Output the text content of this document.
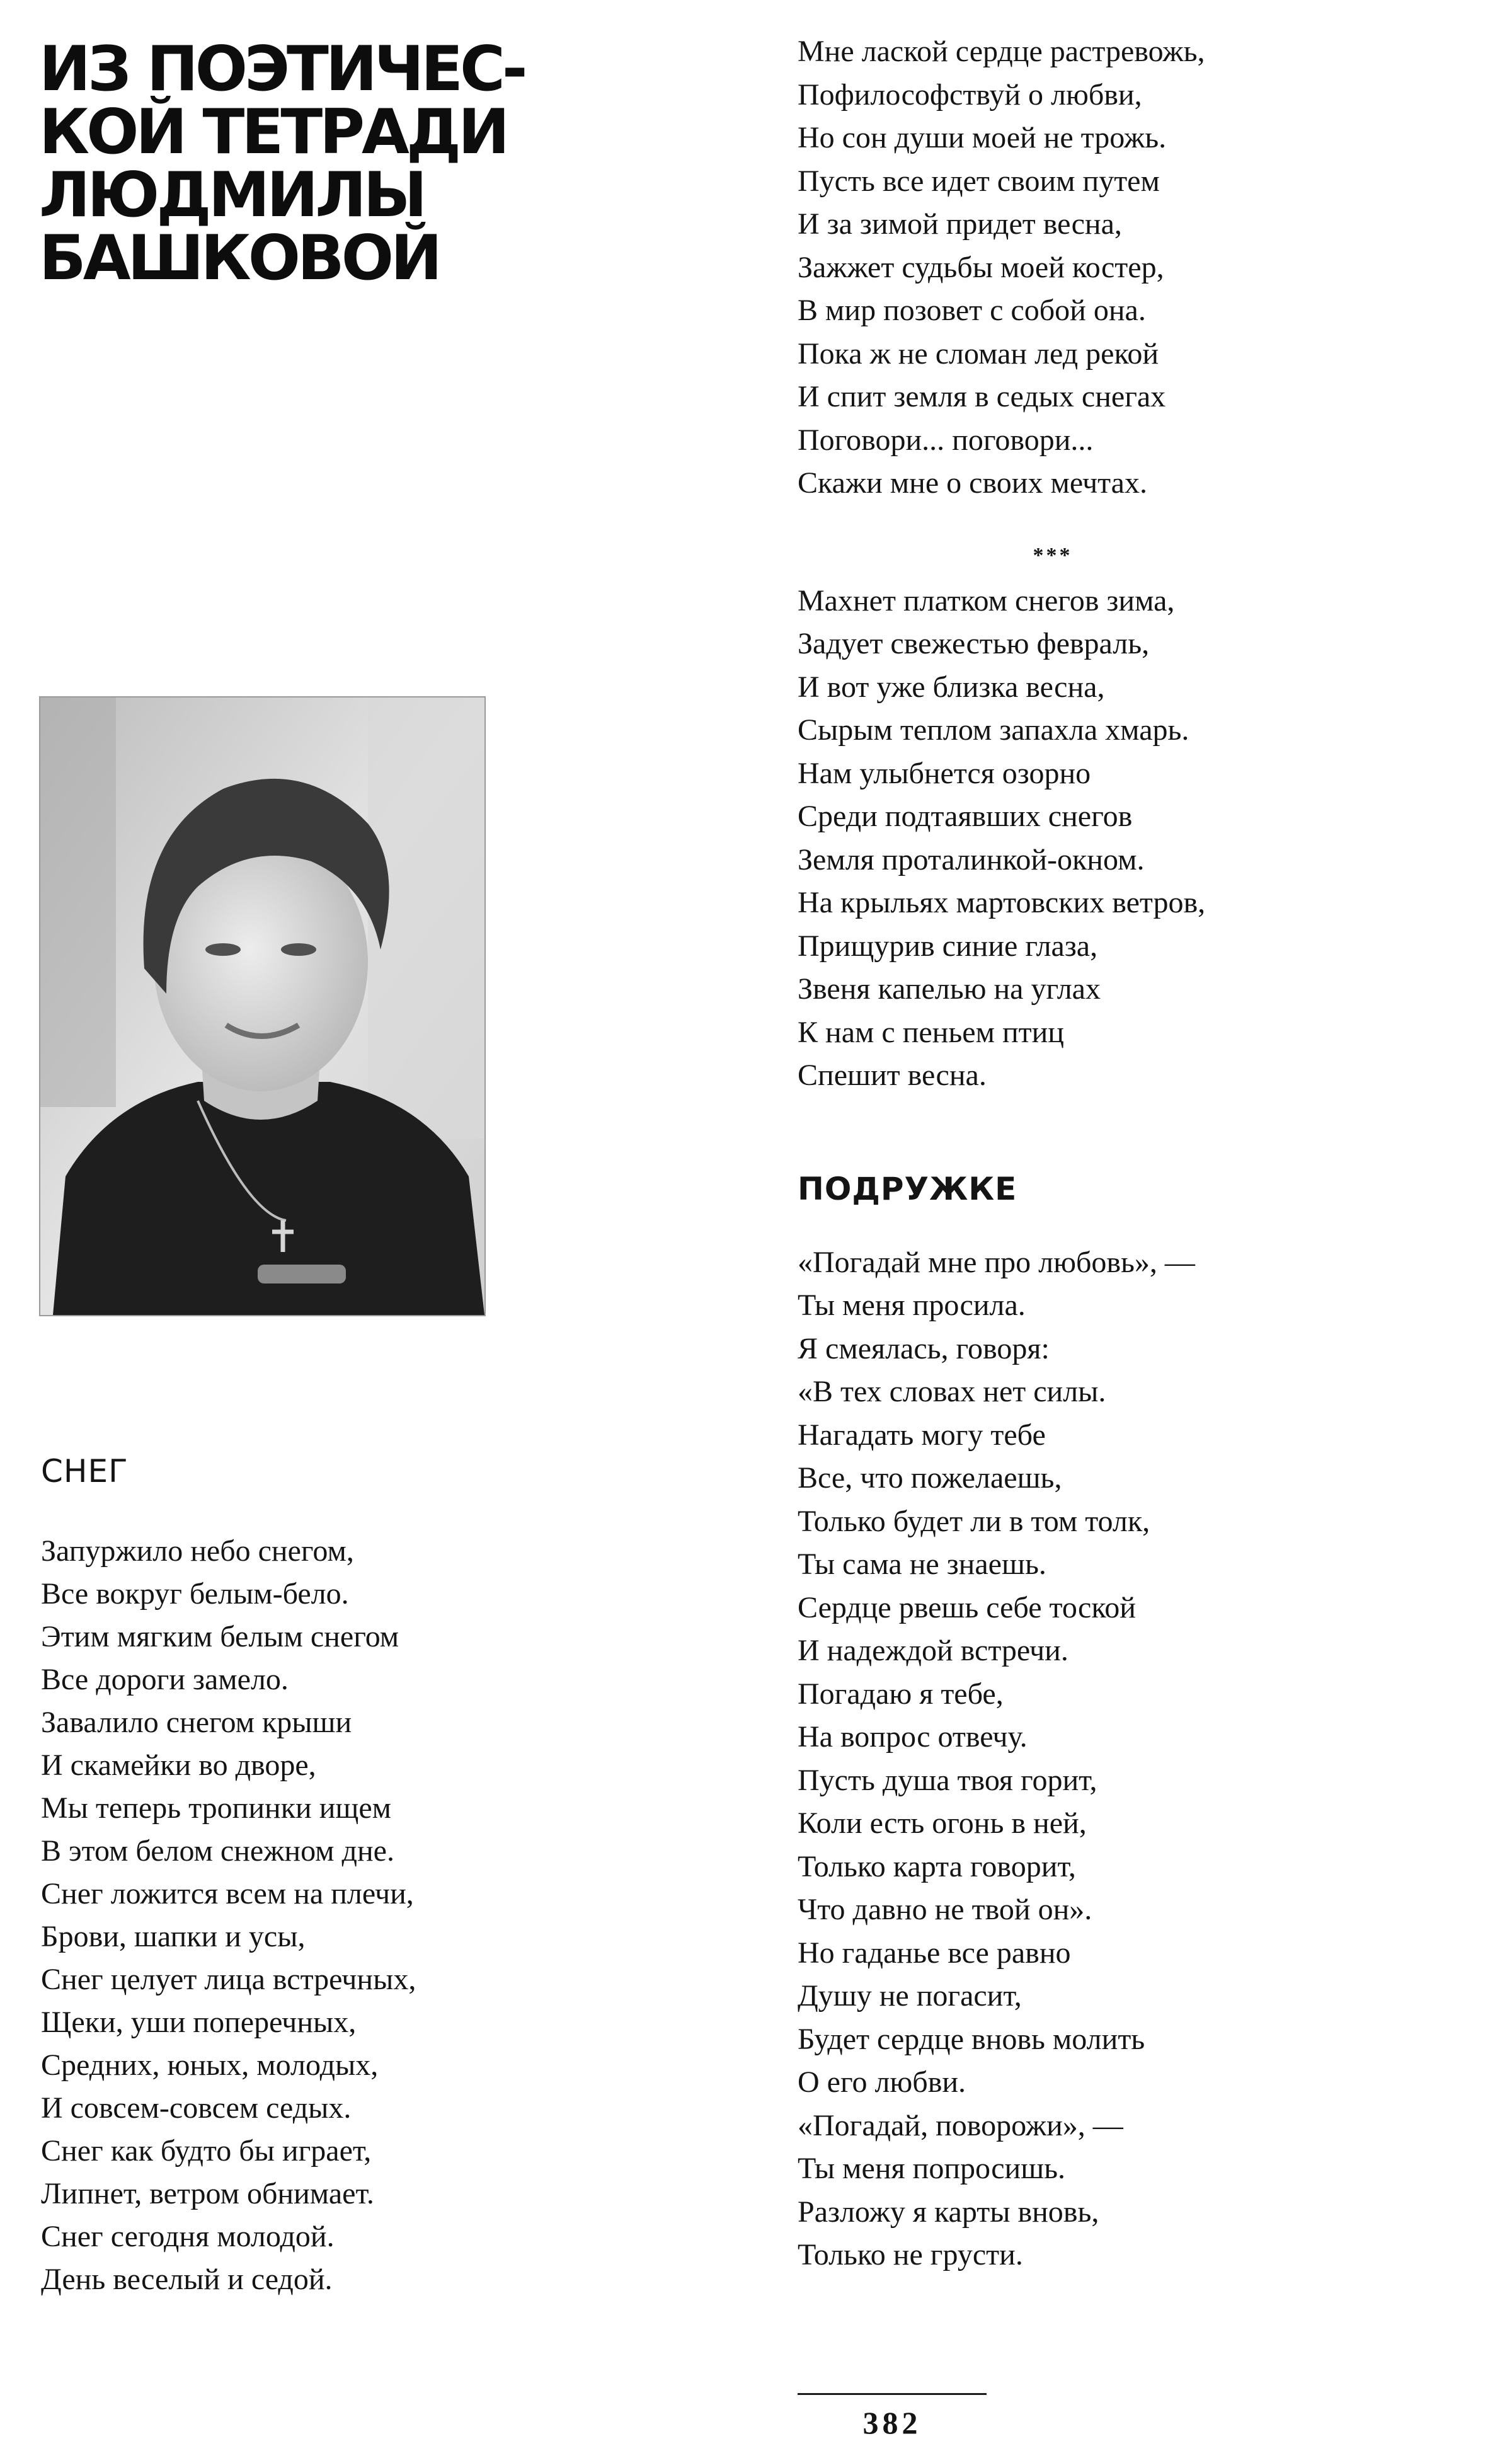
ИЗ ПОЭТИЧЕС-
КОЙ ТЕТРАДИ
ЛЮДМИЛЫ
БАШКОВОЙ
СНЕГ
Запуржило небо снегом,
Все вокруг белым-бело.
Этим мягким белым снегом
Все дороги замело.
Завалило снегом крыши
И скамейки во дворе,
Мы теперь тропинки ищем
В этом белом снежном дне.
Снег ложится всем на плечи,
Брови, шапки и усы,
Снег целует лица встречных,
Щеки, уши поперечных,
Средних, юных, молодых,
И совсем-совсем седых.
Снег как будто бы играет,
Липнет, ветром обнимает.
Снег сегодня молодой.
День веселый и седой.
Мне лаской сердце растревожь,
Пофилософствуй о любви,
Но сон души моей не трожь.
Пусть все идет своим путем
И за зимой придет весна,
Зажжет судьбы моей костер,
В мир позовет с собой она.
Пока ж не сломан лед рекой
И спит земля в седых снегах
Поговори... поговори...
Скажи мне о своих мечтах.
***
Махнет платком снегов зима,
Задует свежестью февраль,
И вот уже близка весна,
Сырым теплом запахла хмарь.
Нам улыбнется озорно
Среди подтаявших снегов
Земля проталинкой-окном.
На крыльях мартовских ветров,
Прищурив синие глаза,
Звеня капелью на углах
К нам с пеньем птиц
Спешит весна.
ПОДРУЖКЕ
«Погадай мне про любовь», —
Ты меня просила.
Я смеялась, говоря:
«В тех словах нет силы.
Нагадать могу тебе
Все, что пожелаешь,
Только будет ли в том толк,
Ты сама не знаешь.
Сердце рвешь себе тоской
И надеждой встречи.
Погадаю я тебе,
На вопрос отвечу.
Пусть душа твоя горит,
Коли есть огонь в ней,
Только карта говорит,
Что давно не твой он».
Но гаданье все равно
Душу не погасит,
Будет сердце вновь молить
О его любви.
«Погадай, поворожи», —
Ты меня попросишь.
Разложу я карты вновь,
Только не грусти.
382
